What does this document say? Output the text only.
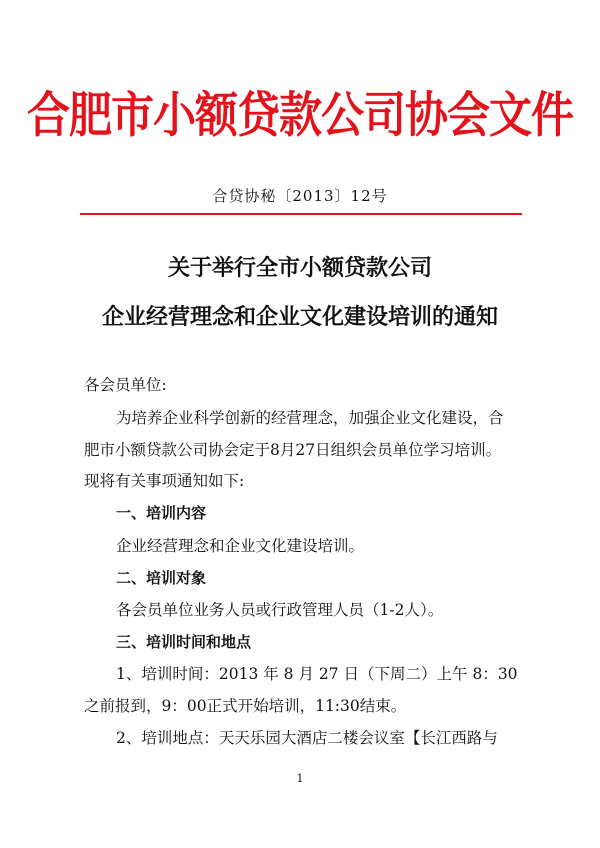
合肥市小额贷款公司协会文件
合贷协秘〔2013〕12号
关于举行全市小额贷款公司
企业经营理念和企业文化建设培训的通知
各会员单位:
为培养企业科学创新的经营理念，加强企业文化建设，合
肥市小额贷款公司协会定于8月27日组织会员单位学习培训。
现将有关事项通知如下:
一、培训内容
企业经营理念和企业文化建设培训。
二、培训对象
各会员单位业务人员或行政管理人员（1-2人）。
三、培训时间和地点
1、培训时间：2013 年 8 月 27 日（下周二）上午 8：30
之前报到，9：00正式开始培训，11:30结束。
2、培训地点：天天乐园大酒店二楼会议室【长江西路与
1
